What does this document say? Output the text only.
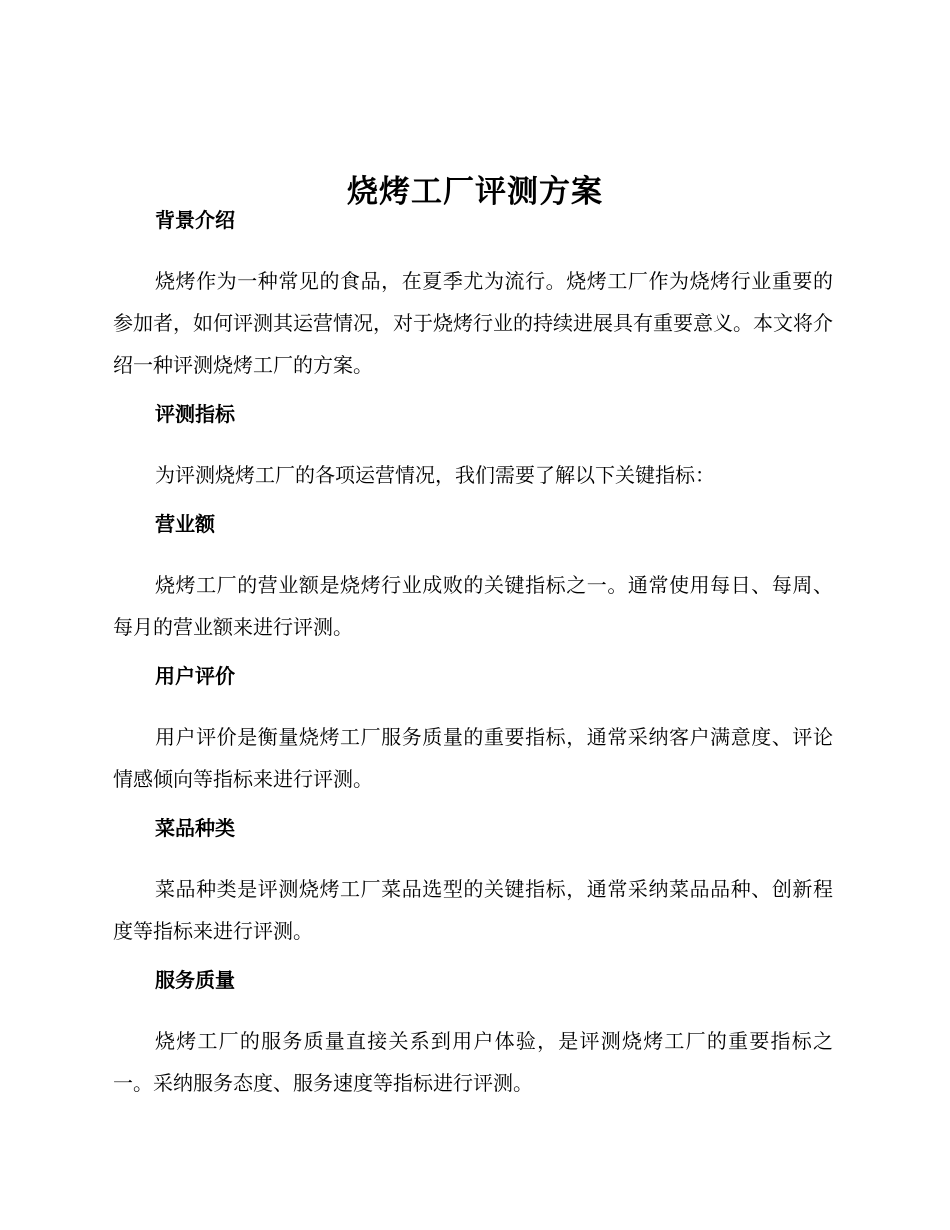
烧烤工厂评测方案
背景介绍

烧烤作为一种常见的食品，在夏季尤为流行。烧烤工厂作为烧烤行业重要的参加者，如何评测其运营情况，对于烧烤行业的持续进展具有重要意义。本文将介绍一种评测烧烤工厂的方案。

评测指标

为评测烧烤工厂的各项运营情况，我们需要了解以下关键指标：

营业额

烧烤工厂的营业额是烧烤行业成败的关键指标之一。通常使用每日、每周、每月的营业额来进行评测。

用户评价

用户评价是衡量烧烤工厂服务质量的重要指标，通常采纳客户满意度、评论情感倾向等指标来进行评测。

菜品种类

菜品种类是评测烧烤工厂菜品选型的关键指标，通常采纳菜品品种、创新程度等指标来进行评测。

服务质量

烧烤工厂的服务质量直接关系到用户体验，是评测烧烤工厂的重要指标之一。采纳服务态度、服务速度等指标进行评测。
